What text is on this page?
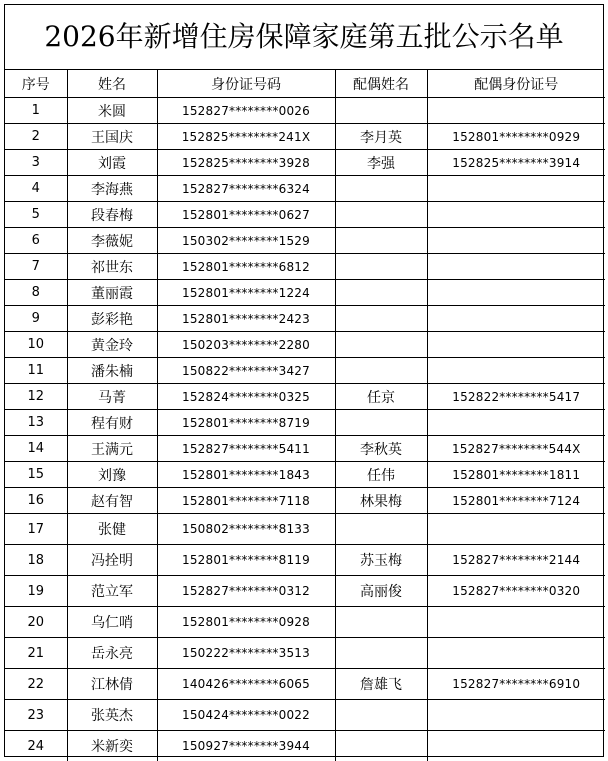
2026年新增住房保障家庭第五批公示名单
序号	姓名	身份证号码	配偶姓名	配偶身份证号
1	米圆	152827********0026		
2	王国庆	152825********241X	李月英	152801********0929
3	刘霞	152825********3928	李强	152825********3914
4	李海燕	152827********6324		
5	段春梅	152801********0627		
6	李薇妮	150302********1529		
7	祁世东	152801********6812		
8	董丽霞	152801********1224		
9	彭彩艳	152801********2423		
10	黄金玲	150203********2280		
11	潘朱楠	150822********3427		
12	马菁	152824********0325	任京	152822********5417
13	程有财	152801********8719		
14	王满元	152827********5411	李秋英	152827********544X
15	刘豫	152801********1843	任伟	152801********1811
16	赵有智	152801********7118	林果梅	152801********7124
17	张健	150802********8133		
18	冯拴明	152801********8119	苏玉梅	152827********2144
19	范立军	152827********0312	高丽俊	152827********0320
20	乌仁哨	152801********0928		
21	岳永亮	150222********3513		
22	江林倩	140426********6065	詹雄飞	152827********6910
23	张英杰	150424********0022		
24	米新奕	150927********3944		
